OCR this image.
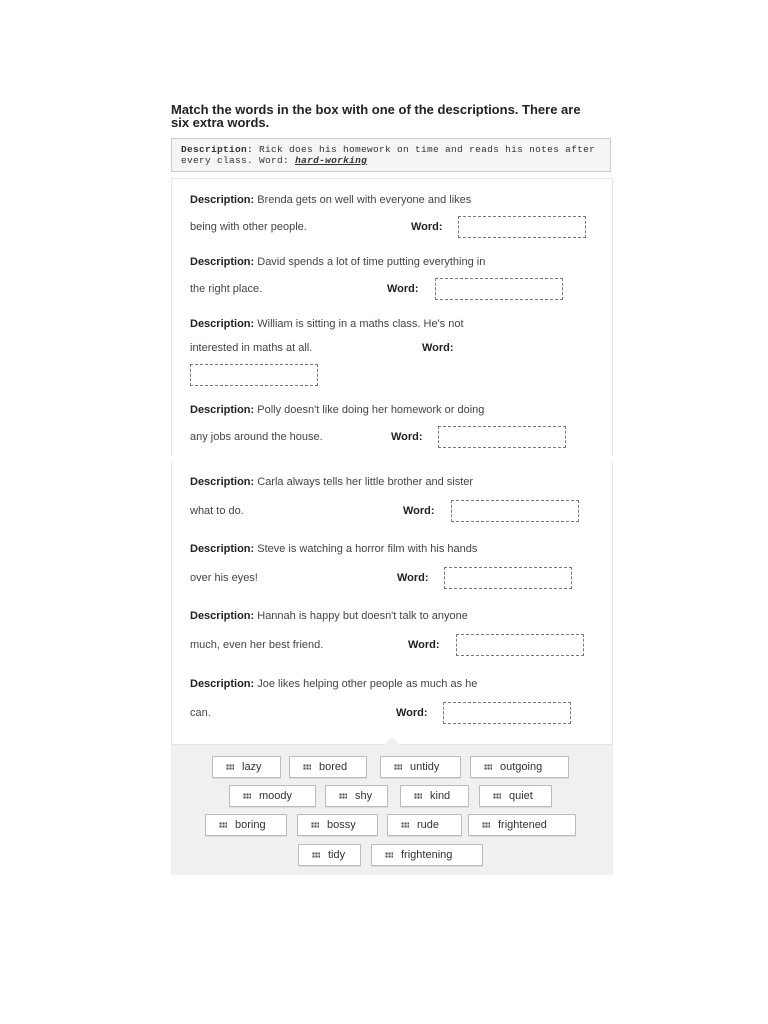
Match the words in the box with one of the descriptions. There are six extra words.

Description: Rick does his homework on time and reads his notes after every class. Word: hard-working
Description: Brenda gets on well with everyone and likes
being with other people.	Word:
Description: David spends a lot of time putting everything in
the right place.	Word:
Description: William is sitting in a maths class. He's not
interested in maths at all.	Word:
Description: Polly doesn't like doing her homework or doing
any jobs around the house.	Word:
Description: Carla always tells her little brother and sister
what to do.	Word:
Description: Steve is watching a horror film with his hands
over his eyes!	Word:
Description: Hannah is happy but doesn't talk to anyone
much, even her best friend.	Word:
Description: Joe likes helping other people as much as he
can.	Word:
lazy	bored	untidy	outgoing
moody	shy	kind	quiet
boring	bossy	rude	frightened
tidy	frightening
